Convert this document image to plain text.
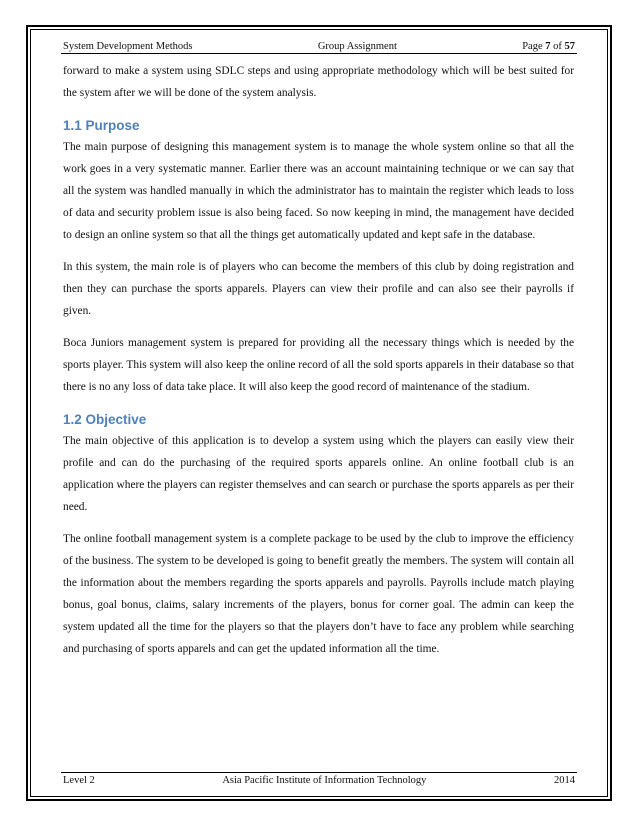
System Development Methods	Group Assignment	Page 7 of 57

forward to make a system using SDLC steps and using appropriate methodology which will be best suited for the system after we will be done of the system analysis.

1.1 Purpose

The main purpose of designing this management system is to manage the whole system online so that all the work goes in a very systematic manner. Earlier there was an account maintaining technique or we can say that all the system was handled manually in which the administrator has to maintain the register which leads to loss of data and security problem issue is also being faced. So now keeping in mind, the management have decided to design an online system so that all the things get automatically updated and kept safe in the database.

In this system, the main role is of players who can become the members of this club by doing registration and then they can purchase the sports apparels. Players can view their profile and can also see their payrolls if given.

Boca Juniors management system is prepared for providing all the necessary things which is needed by the sports player. This system will also keep the online record of all the sold sports apparels in their database so that there is no any loss of data take place. It will also keep the good record of maintenance of the stadium.

1.2 Objective

The main objective of this application is to develop a system using which the players can easily view their profile and can do the purchasing of the required sports apparels online. An online football club is an application where the players can register themselves and can search or purchase the sports apparels as per their need.

The online football management system is a complete package to be used by the club to improve the efficiency of the business. The system to be developed is going to benefit greatly the members. The system will contain all the information about the members regarding the sports apparels and payrolls. Payrolls include match playing bonus, goal bonus, claims, salary increments of the players, bonus for corner goal. The admin can keep the system updated all the time for the players so that the players don’t have to face any problem while searching and purchasing of sports apparels and can get the updated information all the time.

Level 2	Asia Pacific Institute of Information Technology	2014
